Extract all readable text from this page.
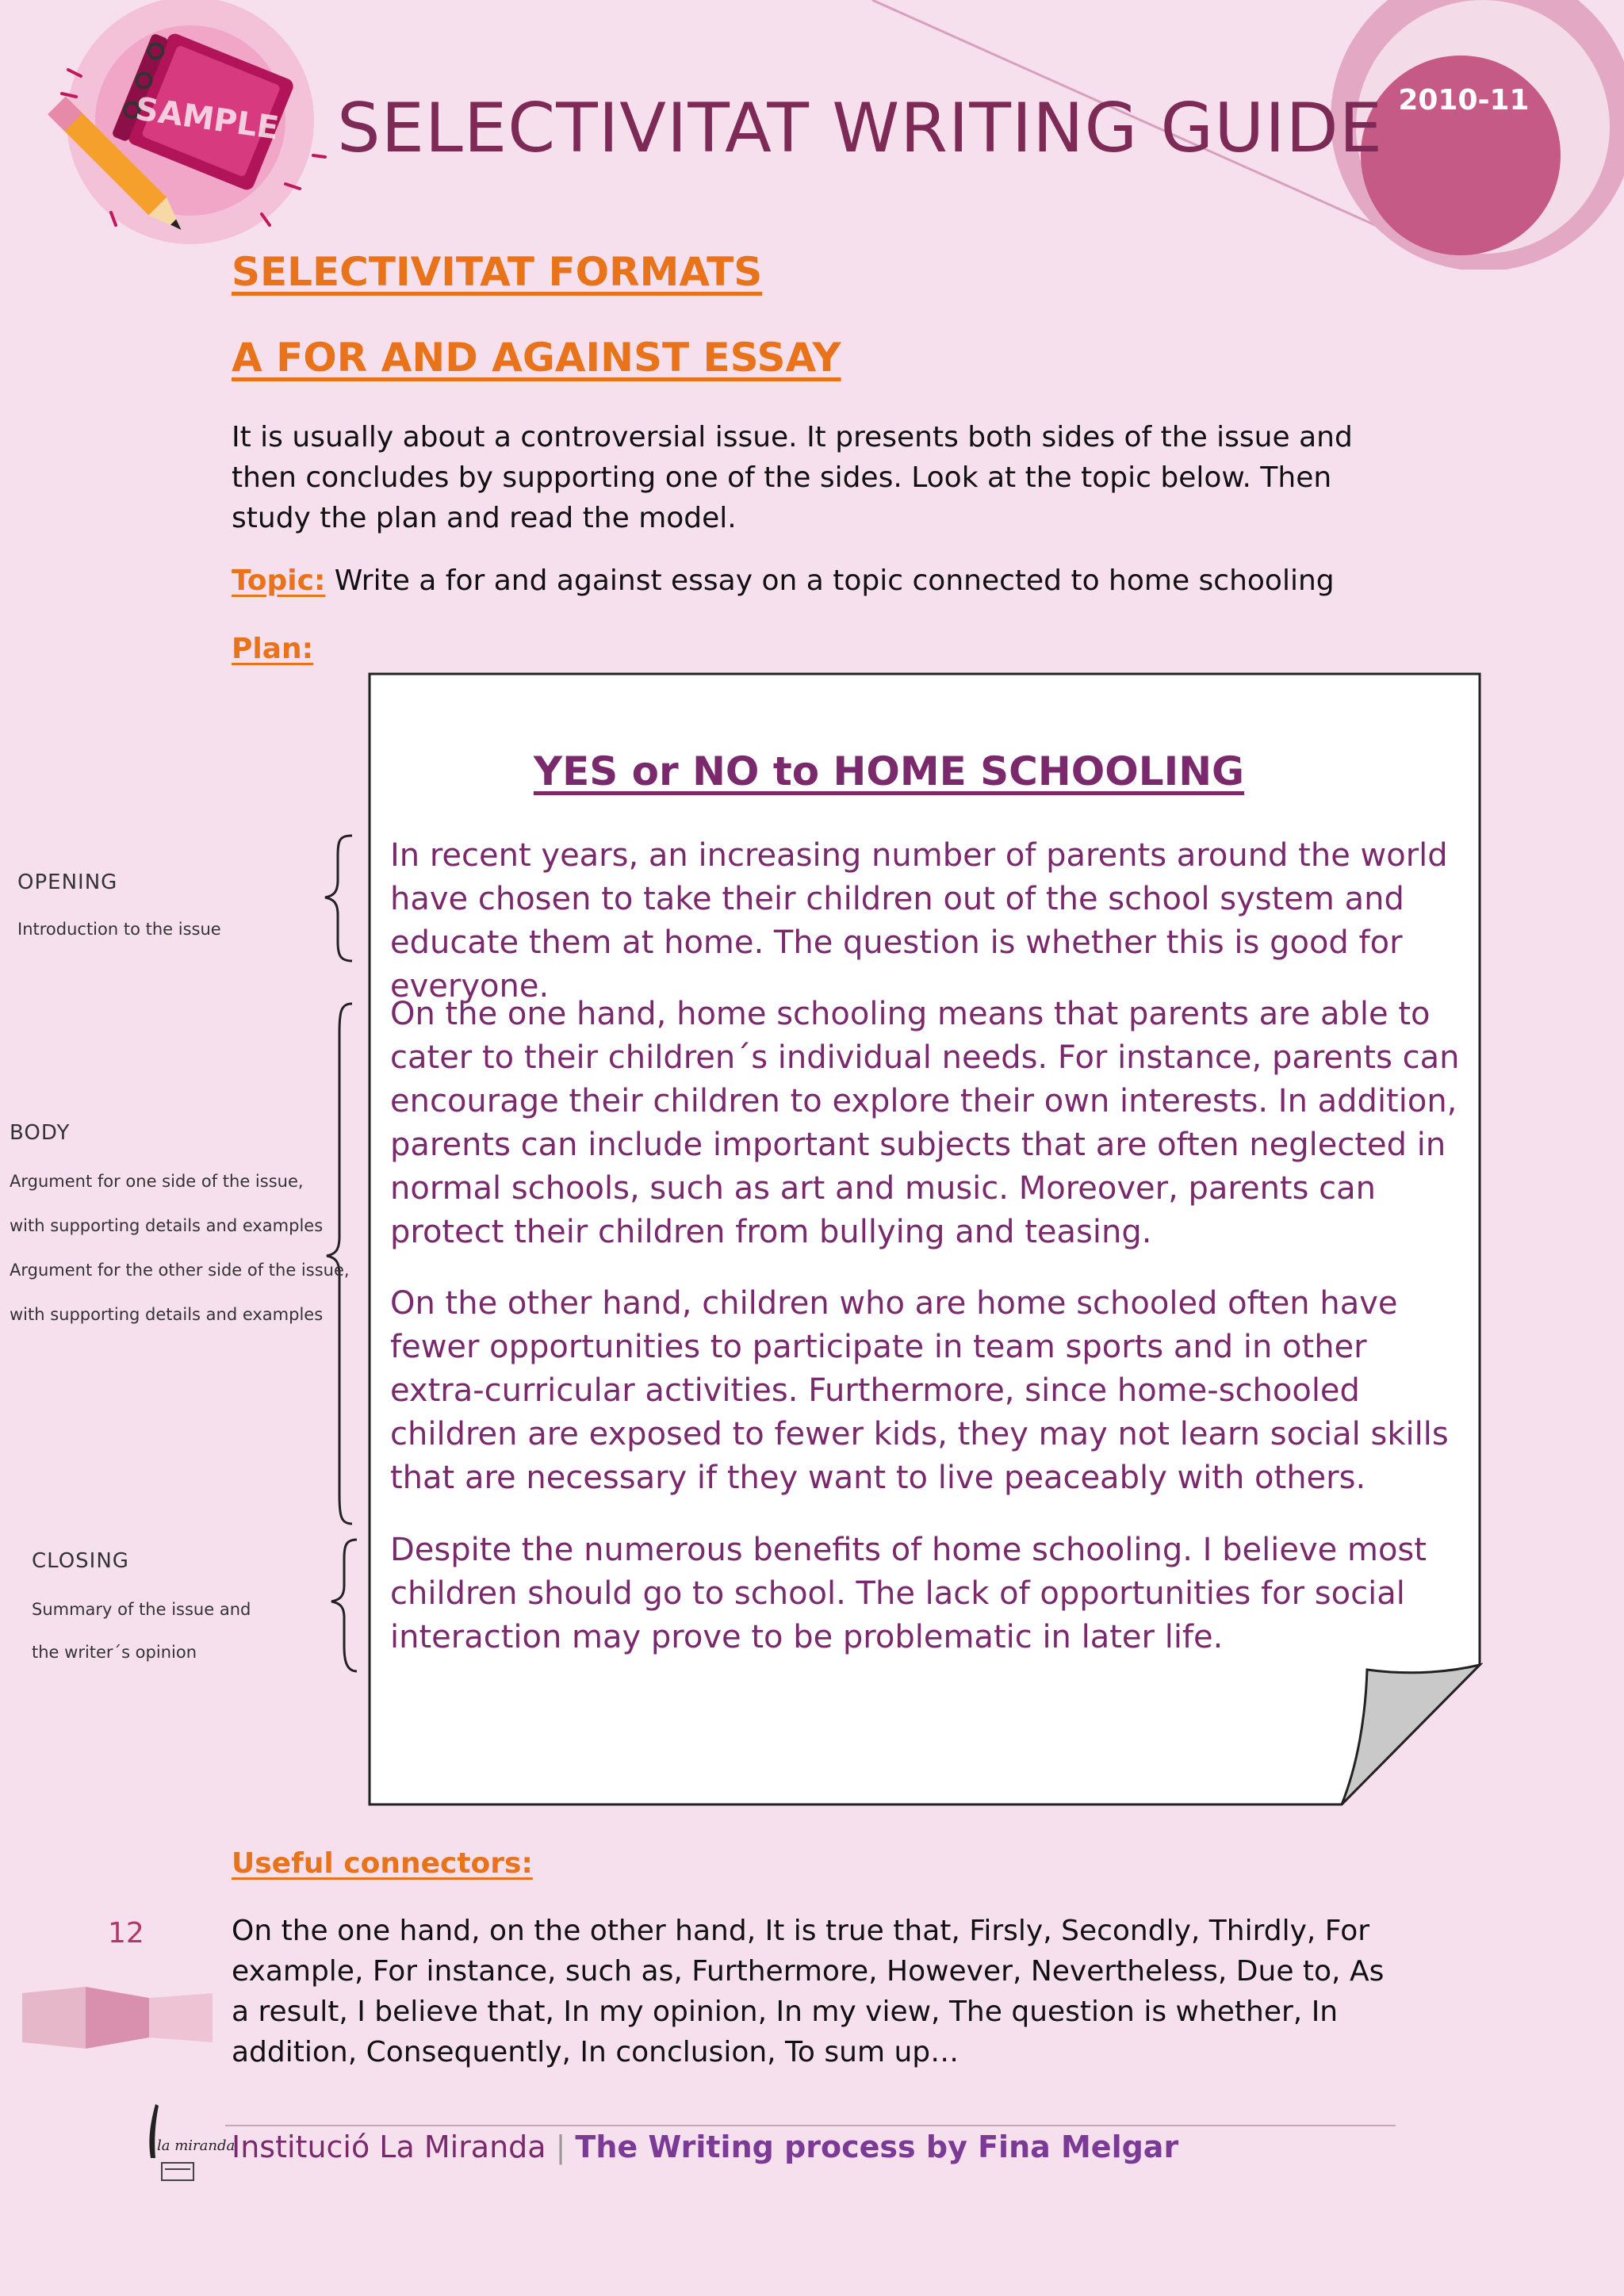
SAMPLE SELECTIVITAT WRITING GUIDE 2010-11
SELECTIVITAT FORMATS
A FOR AND AGAINST ESSAY
It is usually about a controversial issue. It presents both sides of the issue and then concludes by supporting one of the sides. Look at the topic below. Then study the plan and read the model.
Topic: Write a for and against essay on a topic connected to home schooling
Plan:
YES or NO to HOME SCHOOLING
In recent years, an increasing number of parents around the world have chosen to take their children out of the school system and educate them at home. The question is whether this is good for everyone.
On the one hand, home schooling means that parents are able to cater to their children´s individual needs. For instance, parents can encourage their children to explore their own interests. In addition, parents can include important subjects that are often neglected in normal schools, such as art and music. Moreover, parents can protect their children from bullying and teasing.
On the other hand, children who are home schooled often have fewer opportunities to participate in team sports and in other extra-curricular activities. Furthermore, since home-schooled children are exposed to fewer kids, they may not learn social skills that are necessary if they want to live peaceably with others.
Despite the numerous benefits of home schooling. I believe most children should go to school. The lack of opportunities for social interaction may prove to be problematic in later life.
OPENING
Introduction to the issue
BODY
Argument for one side of the issue,
with supporting details and examples
Argument for the other side of the issue,
with supporting details and examples
CLOSING
Summary of the issue and
the writer´s opinion
Useful connectors:
On the one hand, on the other hand, It is true that, Firsly, Secondly, Thirdly, For example, For instance, such as, Furthermore, However, Nevertheless, Due to, As a result, I believe that, In my opinion, In my view, The question is whether, In addition, Consequently, In conclusion, To sum up…
12
la miranda
Institució La Miranda | The Writing process by Fina Melgar
